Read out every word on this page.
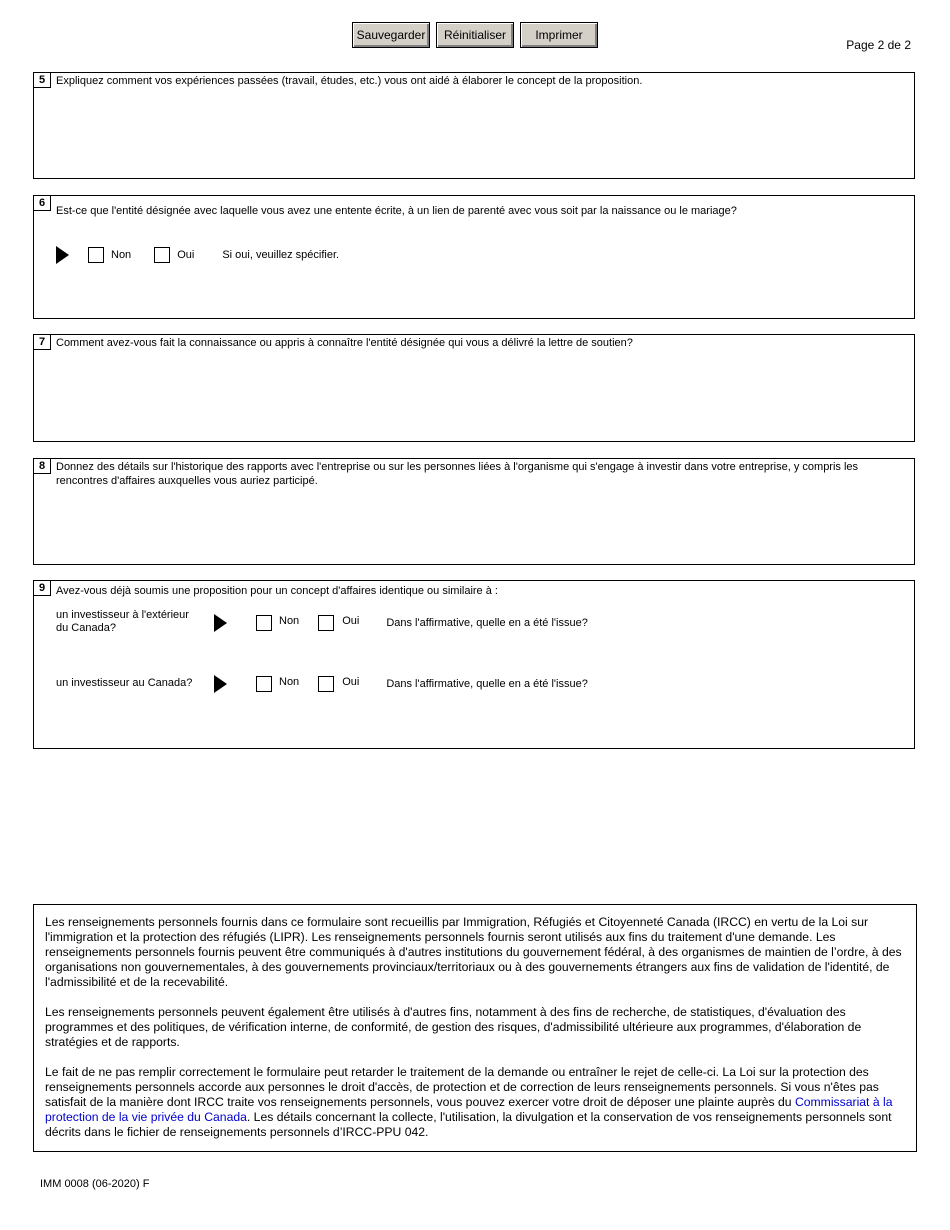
Sauvegarder	Réinitialiser	Imprimer
Page 2 de 2
5 Expliquez comment vos expériences passées (travail, études, etc.) vous ont aidé à élaborer le concept de la proposition.
6
Est-ce que l'entité désignée avec laquelle vous avez une entente écrite, à un lien de parenté avec vous soit par la naissance ou le mariage?
Non	Oui	Si oui, veuillez spécifier.
7 Comment avez-vous fait la connaissance ou appris à connaître l'entité désignée qui vous a délivré la lettre de soutien?
8 Donnez des détails sur l'historique des rapports avec l'entreprise ou sur les personnes liées à l'organisme qui s'engage à investir dans votre entreprise, y compris les rencontres d'affaires auxquelles vous auriez participé.
9 Avez-vous déjà soumis une proposition pour un concept d'affaires identique ou similaire à :
un investisseur à l'extérieur du Canada?
Non	Oui Dans l'affirmative, quelle en a été l'issue?
un investisseur au Canada?	Non	Oui Dans l'affirmative, quelle en a été l'issue?

Les renseignements personnels fournis dans ce formulaire sont recueillis par Immigration, Réfugiés et Citoyenneté Canada (IRCC) en vertu de la Loi sur l'immigration et la protection des réfugiés (LIPR). Les renseignements personnels fournis seront utilisés aux fins du traitement d'une demande. Les renseignements personnels fournis peuvent être communiqués à d'autres institutions du gouvernement fédéral, à des organismes de maintien de l’ordre, à des organisations non gouvernementales, à des gouvernements provinciaux/territoriaux ou à des gouvernements étrangers aux fins de validation de l'identité, de l'admissibilité et de la recevabilité.

Les renseignements personnels peuvent également être utilisés à d'autres fins, notamment à des fins de recherche, de statistiques, d'évaluation des programmes et des politiques, de vérification interne, de conformité, de gestion des risques, d'admissibilité ultérieure aux programmes, d'élaboration de stratégies et de rapports.

Le fait de ne pas remplir correctement le formulaire peut retarder le traitement de la demande ou entraîner le rejet de celle-ci. La Loi sur la protection des renseignements personnels accorde aux personnes le droit d'accès, de protection et de correction de leurs renseignements personnels. Si vous n'êtes pas satisfait de la manière dont IRCC traite vos renseignements personnels, vous pouvez exercer votre droit de déposer une plainte auprès du Commissariat à la protection de la vie privée du Canada. Les détails concernant la collecte, l'utilisation, la divulgation et la conservation de vos renseignements personnels sont décrits dans le fichier de renseignements personnels d’IRCC-PPU 042.

IMM 0008 (06-2020) F
